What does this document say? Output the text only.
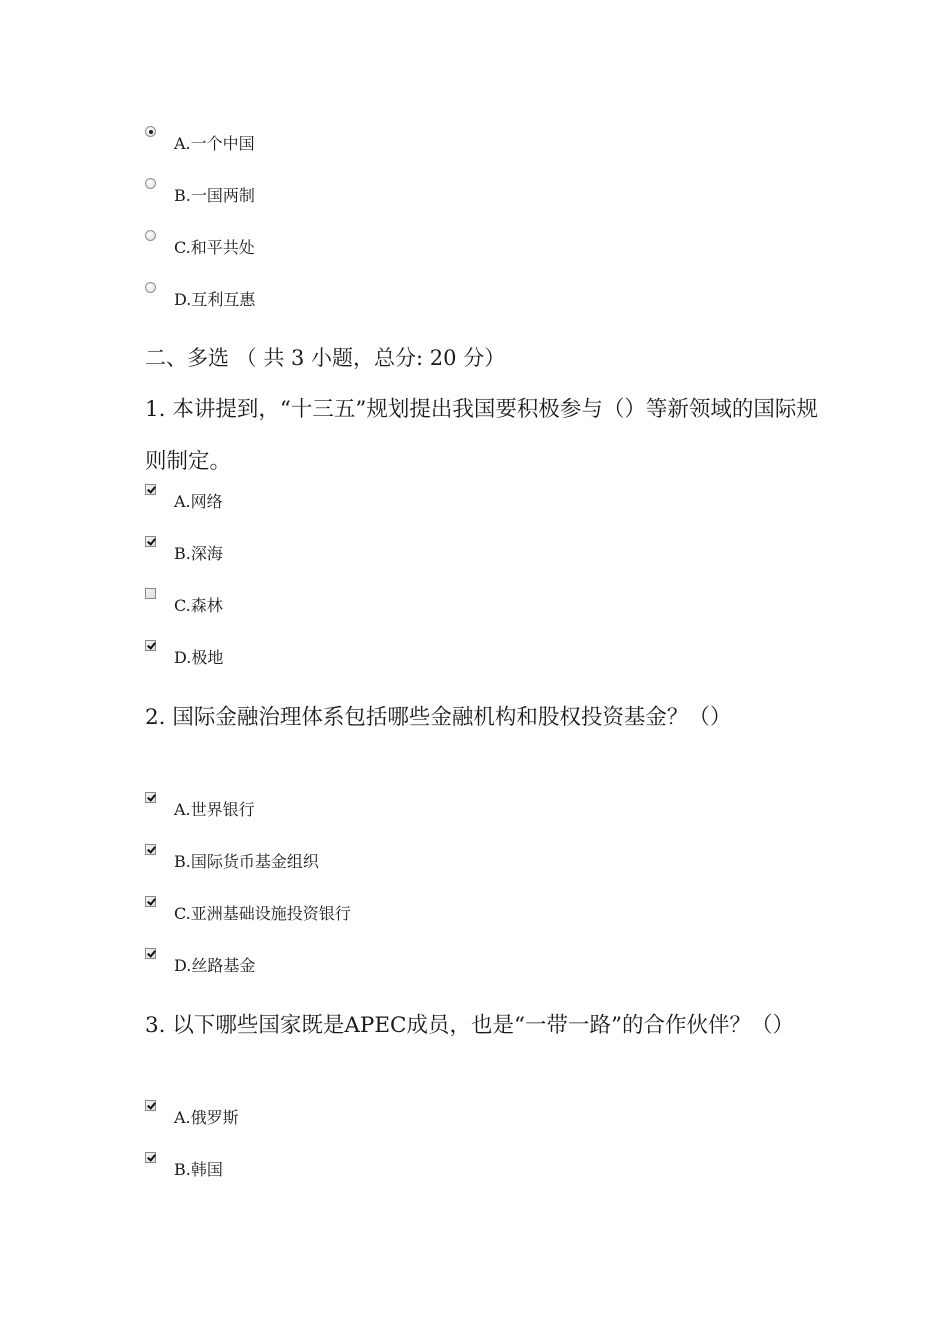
A.一个中国
B.一国两制
C.和平共处
D.互利互惠
二、多选 （ 共 3 小题，总分: 20 分）
1. 本讲提到，“十三五”规划提出我国要积极参与（）等新领域的国际规则制定。
A.网络
B.深海
C.森林
D.极地
2. 国际金融治理体系包括哪些金融机构和股权投资基金？（）
A.世界银行
B.国际货币基金组织
C.亚洲基础设施投资银行
D.丝路基金
3. 以下哪些国家既是APEC成员，也是“一带一路”的合作伙伴？（）
A.俄罗斯
B.韩国
